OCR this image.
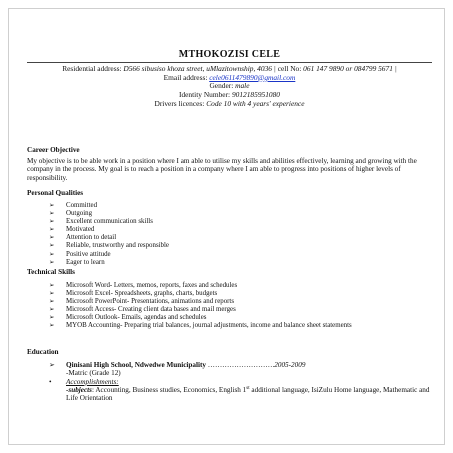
MTHOKOZISI CELE
Residential address: D566 sibusiso khoza street, uMlazitownship, 4036 | cell No: 061 147 9890 or 084799 5671 |
Email address: cele0611479890@gmail.com
Gender: male
Identity Number: 9012185951080
Drivers licences: Code 10 with 4 years' experience
Career Objective
My objective is to be able work in a position where I am able to utilise my skills and abilities effectively, learning and growing with the company in the process. My goal is to reach a position in a company where I am able to progress into positions of higher levels of responsibility.
Personal Qualities
➢ Committed
➢ Outgoing
➢ Excellent communication skills
➢ Motivated
➢ Attention to detail
➢ Reliable, trustworthy and responsible
➢ Positive attitude
➢ Eager to learn
Technical Skills
➢ Microsoft Word- Letters, memos, reports, faxes and schedules
➢ Microsoft Excel- Spreadsheets, graphs, charts, budgets
➢ Microsoft PowerPoint- Presentations, animations and reports
➢ Microsoft Access- Creating client data bases and mail merges
➢ Microsoft Outlook- Emails, agendas and schedules
➢ MYOB Accounting- Preparing trial balances, journal adjustments, income and balance sheet statements
Education
➢ Qinisani High School, Ndwedwe Municipality ……………………….2005-2009
-Matric (Grade 12)
• Accomplishments:
-subjects: Accounting, Business studies, Economics, English 1st additional language, IsiZulu Home language, Mathematic and Life Orientation
